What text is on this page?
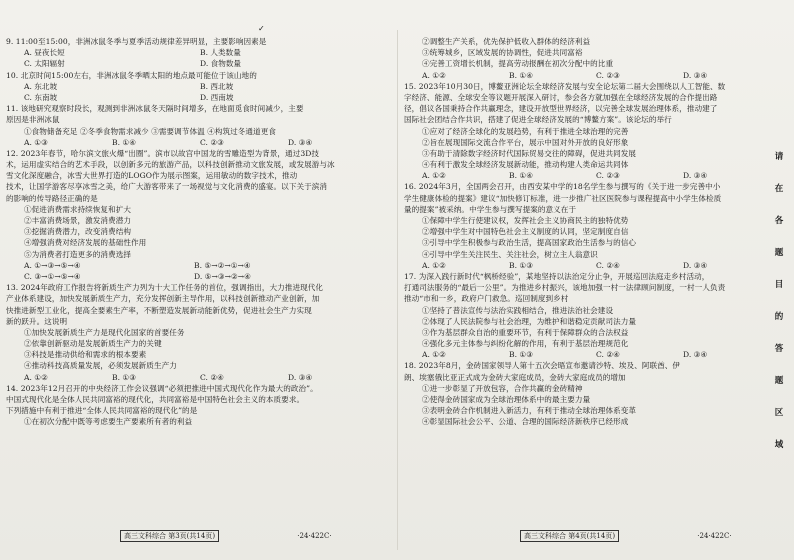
✓
9. 11:00至15:00，非洲冰鼠冬季与夏季活动规律差异明显，主要影响因素是
A. 昼夜长短	B. 人类数量
C. 太阳辐射	D. 食物数量
10. 北京时间15:00左右，非洲冰鼠冬季晒太阳的地点最可能位于该山地的
A. 东北坡	B. 西北坡
C. 东南坡	D. 西南坡
11. 该地研究观察时段长，观测到非洲冰鼠冬天隔时间增多，在地面觅食时间减少，主要
原因是非洲冰鼠
①食物储备充足 ②冬季食物需求减少 ③需要调节体温 ④构筑过冬通道更食
A. ①③	B. ①④	C. ②③	D. ③④
12. 2023年春节，哈尔滨文旅火爆“出圈”。滨市以故宫中国龙的雪雕造型为背景，通过3D技
术，运用虚实结合的艺术手段，以创新多元的旅游产品，以科技创新推动文旅发展，或发展游与冰
雪文化深度融合，冰雪大世界打造的LOGO作为展示图案，运用敏动的数字技术，推动
技术，让国学游客尽享冰雪之美，给广大游客带来了一场视觉与文化消费的盛宴。以下关于滨消
的影响的传导路径正确的是
①促进消费需求持续恢复和扩大
②丰富消费场景，激发消费潜力
③挖掘消费潜力，改变消费结构
④增强消费对经济发展的基础性作用
⑤为消费者打造更多的消费选择
A. ①→③→⑤→④	B. ⑤→②→①→④
C. ③→①→⑤→④	D. ⑤→③→②→④
13. 2024年政府工作报告将新质生产力列为十大工作任务的首位，强调指出，大力推进现代化
产业体系建设，加快发展新质生产力，充分发挥创新主导作用，以科技创新推动产业创新，加
快推进新型工业化，提高全要素生产率，不断塑造发展新动能新优势，促进社会生产力实现
新的跃升。这说明
①加快发展新质生产力是现代化国家的首要任务
②依靠创新驱动是发展新质生产力的关键
③科技是推动供给和需求的根本要素
④推动科技高质量发展，必须发展新质生产力
A. ①②	B. ①③	C. ②④	D. ③④
14. 2023年12月召开的中央经济工作会议强调“必须把推进中国式现代化作为最大的政治”。
中国式现代化是全体人民共同富裕的现代化，共同富裕是中国特色社会主义的本质要求。
下列措施中有利于推进“全体人民共同富裕的现代化”的是
①在初次分配中既等考虑要生产要素所有者的利益
②调整生产关系，优先保护低收入群体的经济利益
③统筹城乡，区域发展的协调性，促进共同富裕
④完善工资增长机制，提高劳动报酬在初次分配中的比重
A. ①②	B. ①④	C. ②③	D. ③④
15. 2023年10月30日，博鳌亚洲论坛全球经济发展与安全论坛第二届大会围绕以人工智能、数
字经济、能源、全球安全等议题开展深入研讨，参会各方就加强在全球经济发展的合作提出路
径，倡议各国秉持合作共赢理念，建设开放型世界经济，以完善全球发展治理体系，推动建了
国际社会团结合作共识，搭建了促进全球经济发展的“博鳌方案”。该论坛的举行
①应对了经济全球化的发展趋势，有利于推进全球治理的完善
②旨在展现国际交流合作平台，展示中国对外开放的良好形象
③有助于清除数字经济时代国际贸易交往的障碍，促进共同发展
④有利于激发全球经济发展新动能，推动构建人类命运共同体
A. ①②	B. ①④	C. ②③	D. ③④
16. 2024年3月，全国两会召开，由西安某中学的18名学生参与撰写的《关于进一步完善中小
学生健康体检的提案》建议“加快修订标准，进一步推广社区医院参与课程提高中小学生体检质
量的提案”被采纳。中学生参与撰写提案的意义在于
①保障中学生行使建议权，发挥社会主义协商民主的独特优势
②增强中学生对中国特色社会主义制度的认同，坚定制度自信
③引导中学生积极参与政治生活，提高国家政治生活参与的信心
④引导中学生关注民生、关注社会，树立主人翁意识
A. ①②	B. ①③	C. ②④	D. ③④
17. 为深入践行新时代“枫桥经验”，某地坚持以法治定分止争，开展巡回法庭走乡村活动，
打通司法服务的“最后一公里”。为推进乡村振兴，该地加强一村一法律顾问制度，一村一人负责
推动“市和一乡，政府户门救急。巡回制度到乡村
①坚持了普法宣传与法治实践相结合，推进法治社会建设
②体现了人民法院参与社会治理，为维护和谐稳定贡献司法力量
③作为基层群众自治的重要环节，有利于保障群众的合法权益
④强化多元主体参与纠纷化解的作用，有利于基层治理规范化
A. ①②	B. ①③	C. ②④	D. ③④
18. 2023年8月，金砖国家领导人第十五次会晤宣布邀请沙特、埃及、阿联酋、伊
朗、埃塞俄比亚正式成为金砖大家庭成员，金砖大家庭成员的增加
①进一步彰显了开放包容，合作共赢的金砖精神
②使得金砖国家成为全球治理体系中的最主要力量
③表明金砖合作机制进入新活力，有利于推动全球治理体系变革
④彰显国际社会公平、公道、合理的国际经济新秩序已经形成
高三文科综合 第3页(共14页)	·24·422C·	高三文科综合 第4页(共14页)	·24·422C·
请
在
各
题
目
的
答
题
区
域
